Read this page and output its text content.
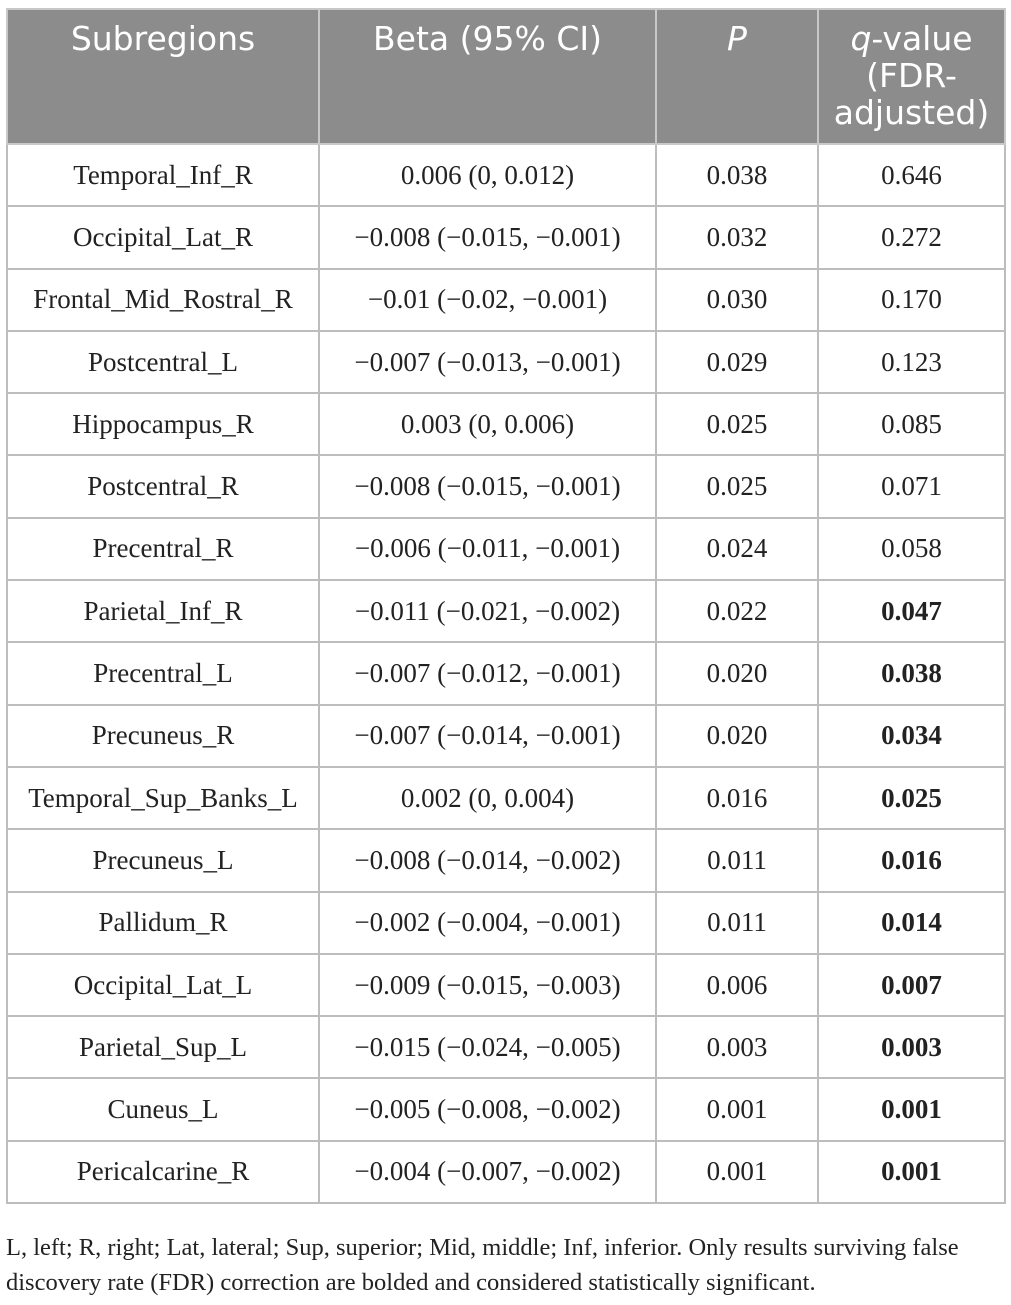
Subregions	Beta (95% CI)	P	q-value (FDR-adjusted)
Temporal_Inf_R	0.006 (0, 0.012)	0.038	0.646
Occipital_Lat_R	−0.008 (−0.015, −0.001)	0.032	0.272
Frontal_Mid_Rostral_R	−0.01 (−0.02, −0.001)	0.030	0.170
Postcentral_L	−0.007 (−0.013, −0.001)	0.029	0.123
Hippocampus_R	0.003 (0, 0.006)	0.025	0.085
Postcentral_R	−0.008 (−0.015, −0.001)	0.025	0.071
Precentral_R	−0.006 (−0.011, −0.001)	0.024	0.058
Parietal_Inf_R	−0.011 (−0.021, −0.002)	0.022	0.047
Precentral_L	−0.007 (−0.012, −0.001)	0.020	0.038
Precuneus_R	−0.007 (−0.014, −0.001)	0.020	0.034
Temporal_Sup_Banks_L	0.002 (0, 0.004)	0.016	0.025
Precuneus_L	−0.008 (−0.014, −0.002)	0.011	0.016
Pallidum_R	−0.002 (−0.004, −0.001)	0.011	0.014
Occipital_Lat_L	−0.009 (−0.015, −0.003)	0.006	0.007
Parietal_Sup_L	−0.015 (−0.024, −0.005)	0.003	0.003
Cuneus_L	−0.005 (−0.008, −0.002)	0.001	0.001
Pericalcarine_R	−0.004 (−0.007, −0.002)	0.001	0.001
L, left; R, right; Lat, lateral; Sup, superior; Mid, middle; Inf, inferior. Only results surviving false discovery rate (FDR) correction are bolded and considered statistically significant.
